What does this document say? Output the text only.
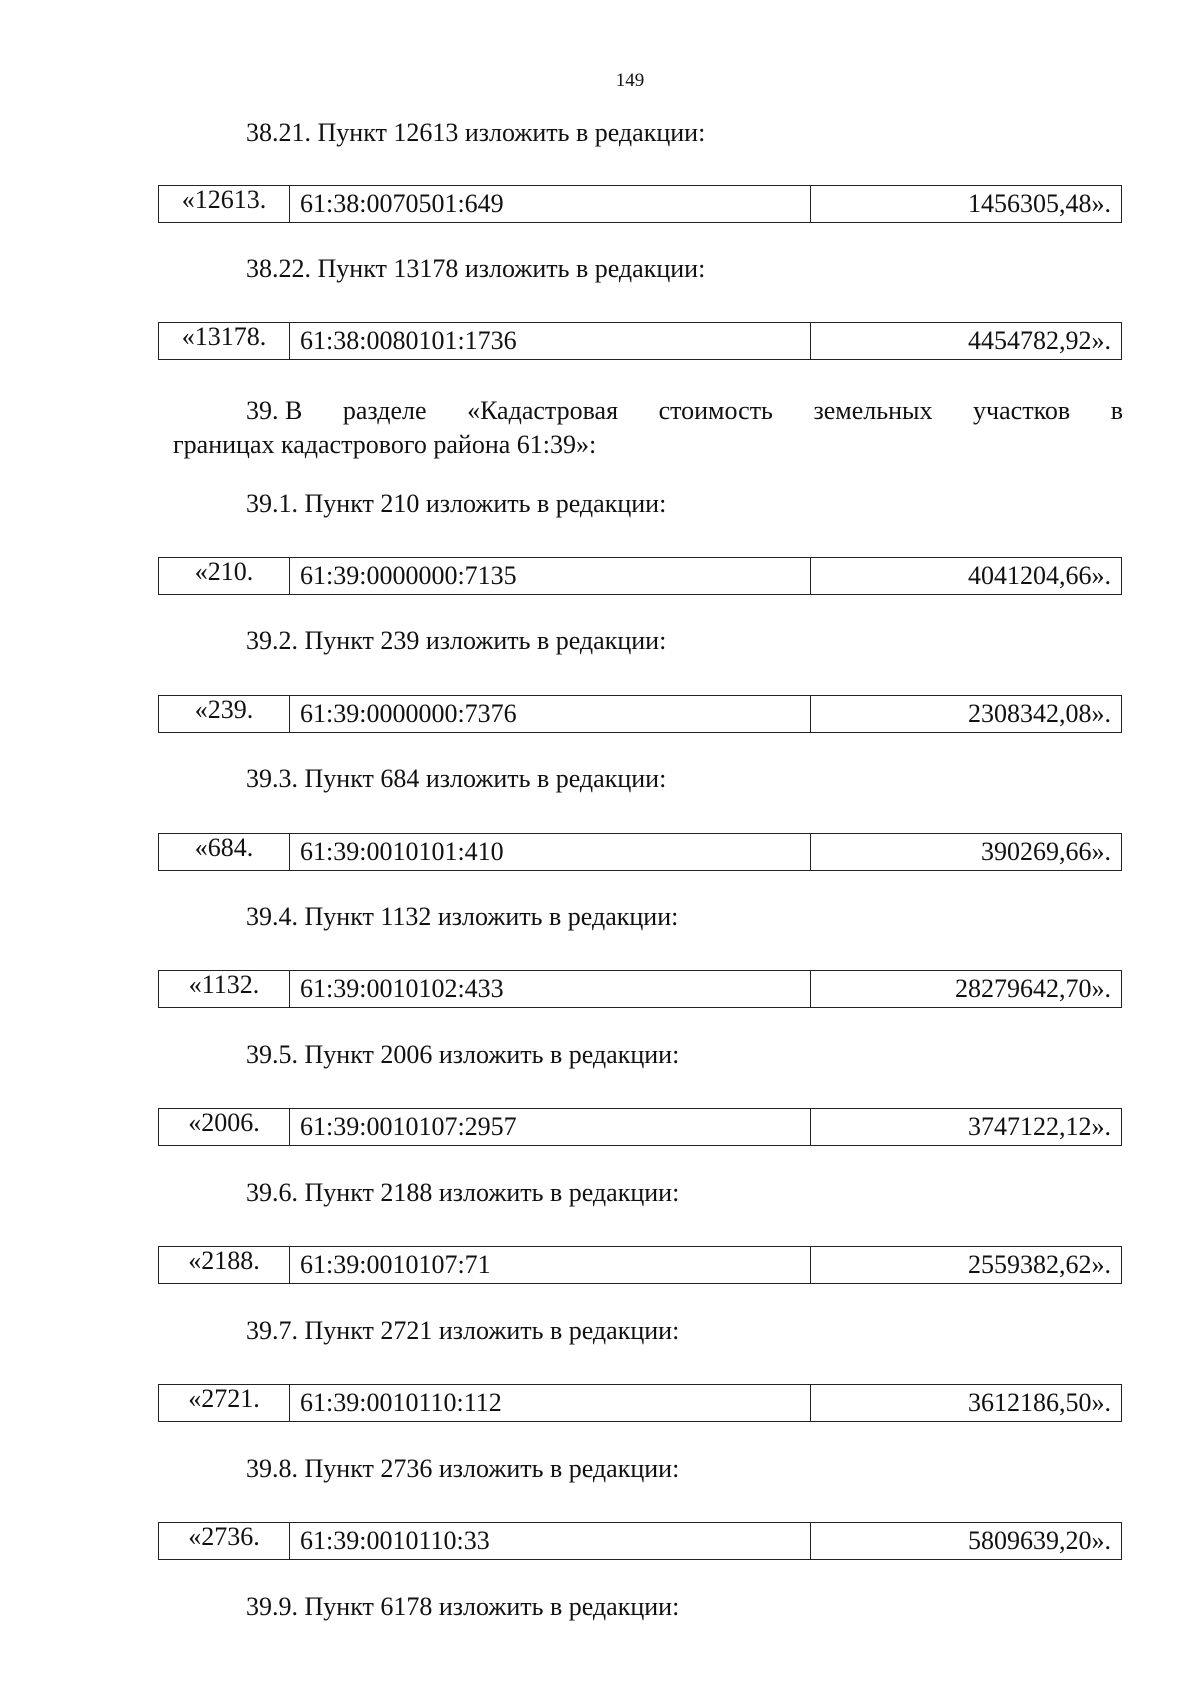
149
38.21. Пункт 12613 изложить в редакции:
«12613.	61:38:0070501:649	1456305,48».
38.22. Пункт 13178 изложить в редакции:
«13178.	61:38:0080101:1736	4454782,92».
39. В разделе «Кадастровая стоимость земельных участков в
границах кадастрового района 61:39»:
39.1. Пункт 210 изложить в редакции:
«210.	61:39:0000000:7135	4041204,66».
39.2. Пункт 239 изложить в редакции:
«239.	61:39:0000000:7376	2308342,08».
39.3. Пункт 684 изложить в редакции:
«684.	61:39:0010101:410	390269,66».
39.4. Пункт 1132 изложить в редакции:
«1132.	61:39:0010102:433	28279642,70».
39.5. Пункт 2006 изложить в редакции:
«2006.	61:39:0010107:2957	3747122,12».
39.6. Пункт 2188 изложить в редакции:
«2188.	61:39:0010107:71	2559382,62».
39.7. Пункт 2721 изложить в редакции:
«2721.	61:39:0010110:112	3612186,50».
39.8. Пункт 2736 изложить в редакции:
«2736.	61:39:0010110:33	5809639,20».
39.9. Пункт 6178 изложить в редакции:
